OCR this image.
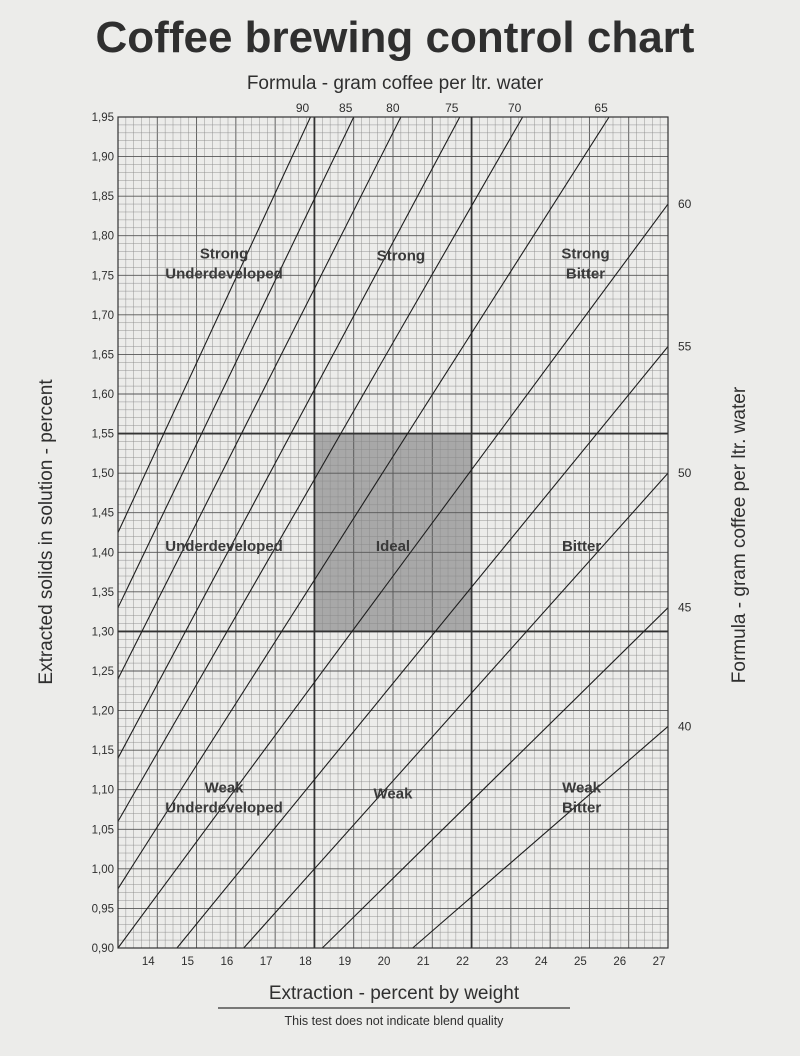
Coffee brewing control chart
Formula - gram coffee per ltr. water
0,90
0,95
1,00
1,05
1,10
1,15
1,20
1,25
1,30
1,35
1,40
1,45
1,50
1,55
1,60
1,65
1,70
1,75
1,80
1,85
1,90
1,95
14 15 16 17 18 19 20 21 22 23 24 25 26 27
90 85	80	75	70	65
60
55
50
45
40
Strong
Underdeveloped
Strong	Strong
Bitter
Underdeveloped	Ideal	Bitter
Weak
Underdeveloped
Weak	Weak
Bitter
Extracted solids in solution - percent	Formula - gram coffee per ltr. water
Extraction - percent by weight
This test does not indicate blend quality
